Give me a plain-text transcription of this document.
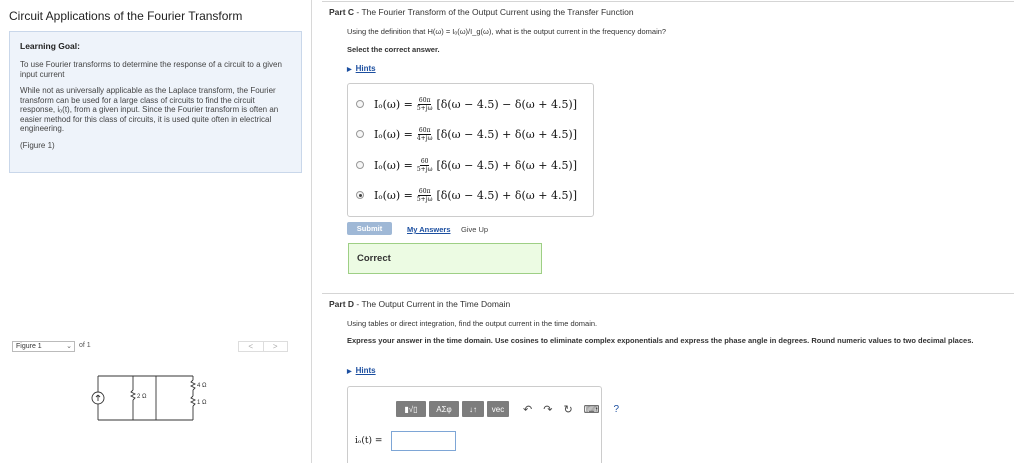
Circuit Applications of the Fourier Transform
Learning Goal:

To use Fourier transforms to determine the response of a circuit to a given input current

While not as universally applicable as the Laplace transform, the Fourier transform can be used for a large class of circuits to find the circuit response, iₒ(t), from a given input. Since the Fourier transform is often an easier method for this class of circuits, it is used quite often in electrical engineering.

(Figure 1)
Figure 1	⌄ of 1	<	>
2 Ω
4 Ω
1 Ω
Part C - The Fourier Transform of the Output Current using the Transfer Function
Using the definition that H(ω) = Iₒ(ω)/I_g(ω), what is the output current in the frequency domain?
Select the correct answer.
▶ Hints
$I_o(\omega) = \frac{60\pi}{5+j\omega} [\delta(\omega - 4.5) - \delta(\omega + 4.5)]$
$I_o(\omega) = \frac{60\pi}{4+j\omega} [\delta(\omega - 4.5) + \delta(\omega + 4.5)]$
$I_o(\omega) = \frac{60}{5+j\omega} [\delta(\omega - 4.5) + \delta(\omega + 4.5)]$
$I_o(\omega) = \frac{60\pi}{5+j\omega} [\delta(\omega - 4.5) + \delta(\omega + 4.5)]$
Submit	My Answers Give Up
Correct
Part D - The Output Current in the Time Domain
Using tables or direct integration, find the output current in the time domain.
Express your answer in the time domain. Use cosines to eliminate complex exponentials and express the phase angle in degrees. Round numeric values to two decimal places.
▶ Hints
▮√▯	ΑΣφ	↓↑	vec	↶ ↷ ↻ ⌨ ?
iₒ(t) =
